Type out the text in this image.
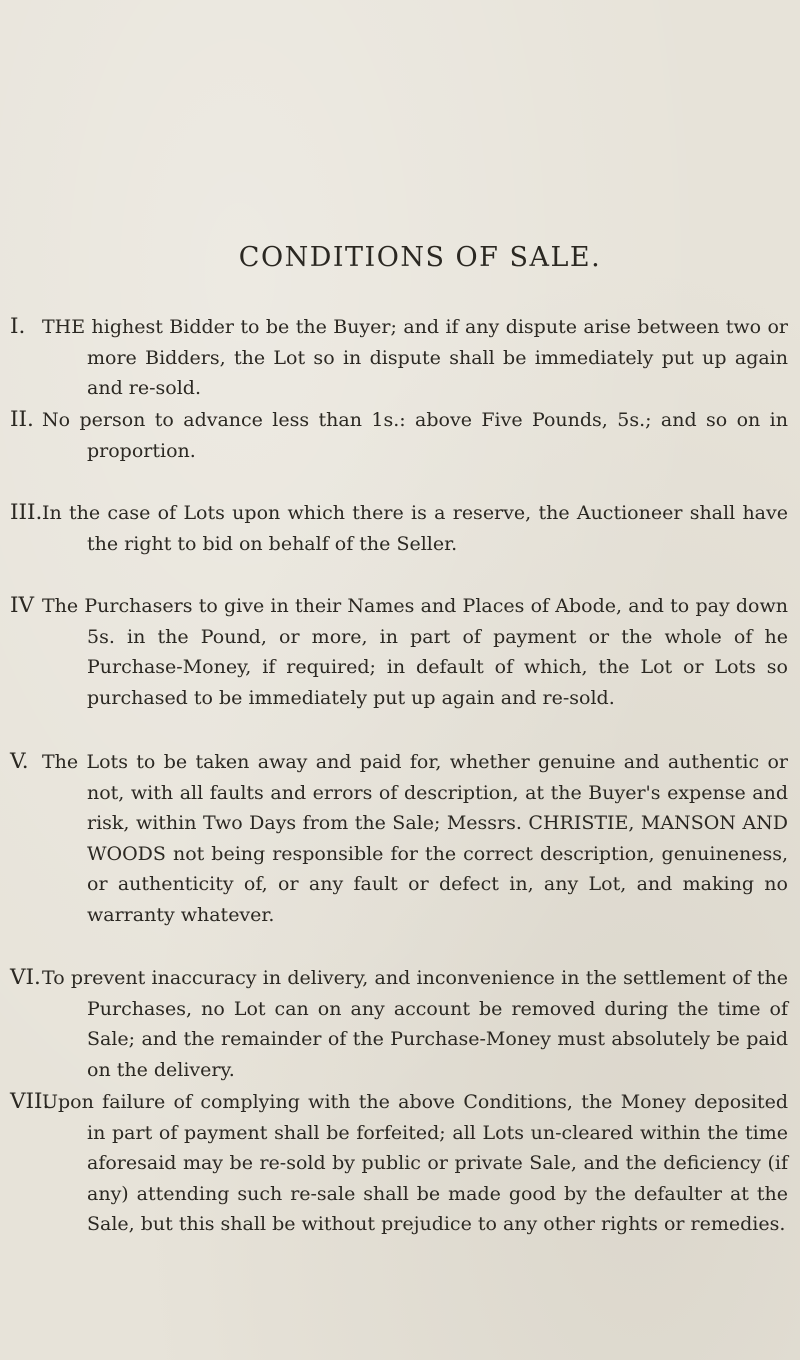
CONDITIONS OF SALE.
I. THE highest Bidder to be the Buyer; and if any dispute arise between two or more Bidders, the Lot so in dispute shall be immediately put up again and re-sold.

II. No person to advance less than 1s.: above Five Pounds, 5s.; and so on in proportion.

III. In the case of Lots upon which there is a reserve, the Auctioneer shall have the right to bid on behalf of the Seller.

IV The Purchasers to give in their Names and Places of Abode, and to pay down 5s. in the Pound, or more, in part of payment or the whole of he Purchase-Money, if required; in default of which, the Lot or Lots so purchased to be immediately put up again and re-sold.

V. The Lots to be taken away and paid for, whether genuine and authentic or not, with all faults and errors of description, at the Buyer's expense and risk, within Two Days from the Sale; Messrs. CHRISTIE, MANSON AND WOODS not being responsible for the correct description, genuineness, or authenticity of, or any fault or defect in, any Lot, and making no warranty whatever.

VI. To prevent inaccuracy in delivery, and inconvenience in the settlement of the Purchases, no Lot can on any account be removed during the time of Sale; and the remainder of the Purchase-Money must absolutely be paid on the delivery.

VII.

Upon failure of complying with the above Conditions, the Money deposited in part of payment shall be forfeited; all Lots un-cleared within the time aforesaid may be re-sold by public or private Sale, and the deficiency (if any) attending such re-sale shall be made good by the defaulter at the Sale, but this shall be without prejudice to any other rights or remedies.
